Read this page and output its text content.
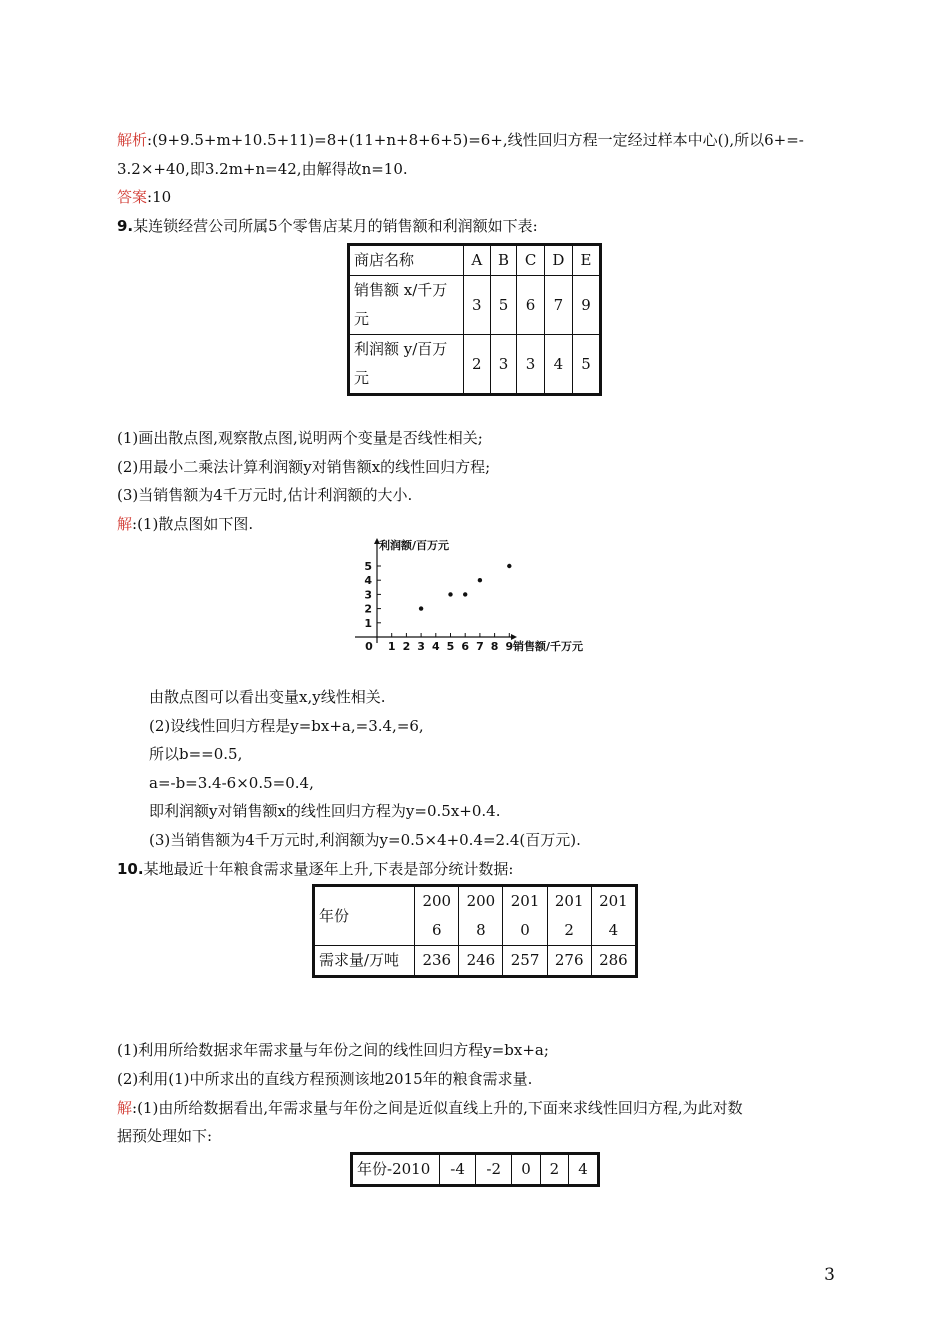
解析:(9+9.5+m+10.5+11)=8+(11+n+8+6+5)=6+,线性回归方程一定经过样本中心(),所以6+=-
3.2×+40,即3.2m+n=42,由解得故n=10.
答案:10
9.某连锁经营公司所属5个零售店某月的销售额和利润额如下表:
商店名称	A	B	C	D	E
销售额 x/千万元	3	5	6	7	9
利润额 y/百万元	2	3	3	4	5
(1)画出散点图,观察散点图,说明两个变量是否线性相关;
(2)用最小二乘法计算利润额y对销售额x的线性回归方程;
(3)当销售额为4千万元时,估计利润额的大小.
解:(1)散点图如下图.
0 1 2 3 4 5 6 7 8 9
1
2
3
4
5
利润额/百万元
销售额/千万元
由散点图可以看出变量x,y线性相关.
(2)设线性回归方程是y=bx+a,=3.4,=6,
所以b==0.5,
a=-b=3.4-6×0.5=0.4,
即利润额y对销售额x的线性回归方程为y=0.5x+0.4.
(3)当销售额为4千万元时,利润额为y=0.5×4+0.4=2.4(百万元).
10.某地最近十年粮食需求量逐年上升,下表是部分统计数据:
年份	2006	2008	2010	2012	2014
需求量/万吨	236	246	257	276	286
(1)利用所给数据求年需求量与年份之间的线性回归方程y=bx+a;
(2)利用(1)中所求出的直线方程预测该地2015年的粮食需求量.
解:(1)由所给数据看出,年需求量与年份之间是近似直线上升的,下面来求线性回归方程,为此对数
据预处理如下:
年份-2010	-4	-2	0	2	4
3
